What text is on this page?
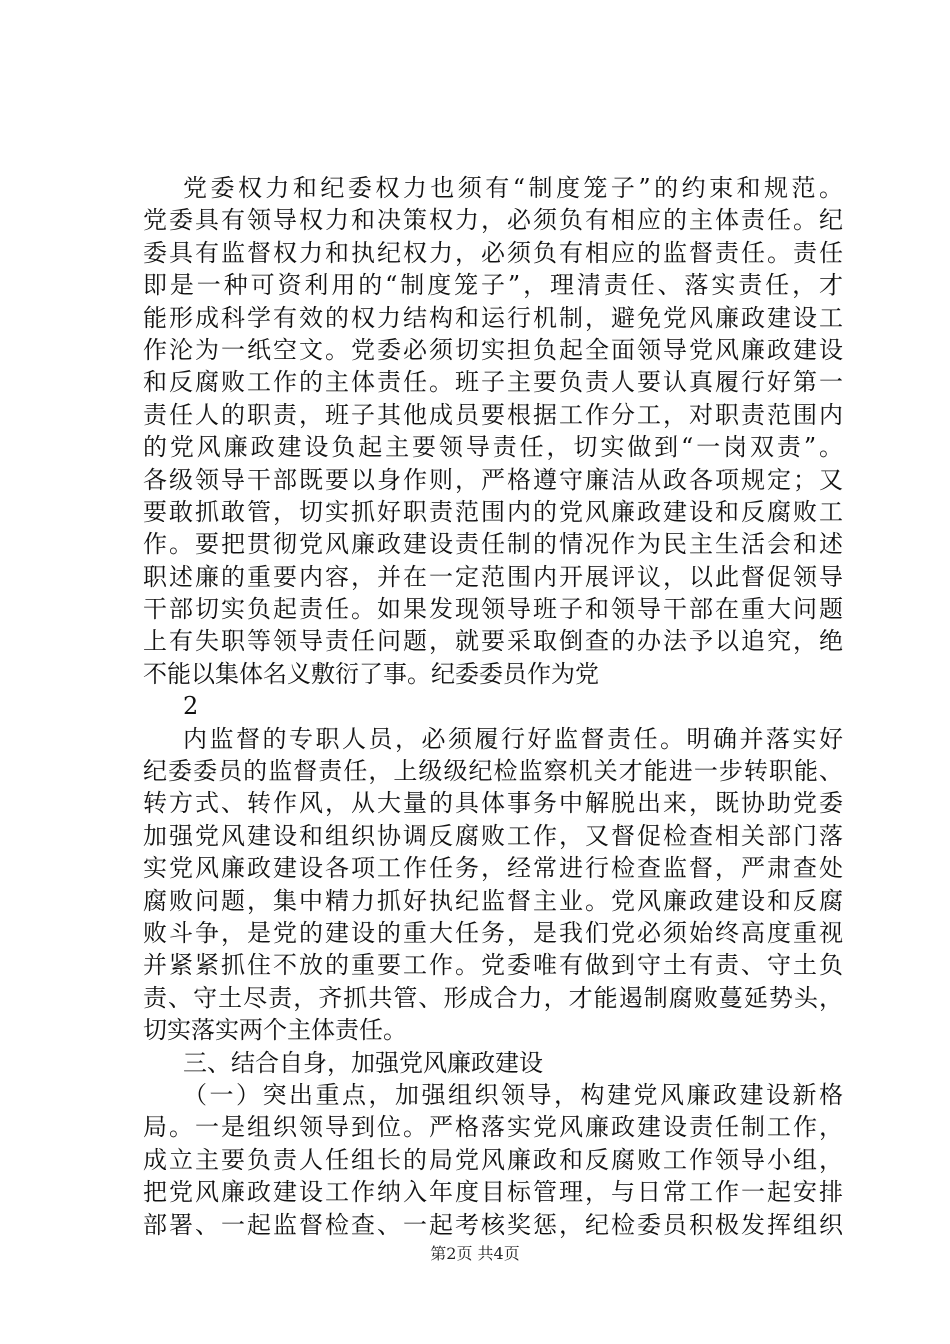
党委权力和纪委权力也须有“制度笼子”的约束和规范。
党委具有领导权力和决策权力，必须负有相应的主体责任。纪
委具有监督权力和执纪权力，必须负有相应的监督责任。责任
即是一种可资利用的“制度笼子”，理清责任、落实责任，才
能形成科学有效的权力结构和运行机制，避免党风廉政建设工
作沦为一纸空文。党委必须切实担负起全面领导党风廉政建设
和反腐败工作的主体责任。班子主要负责人要认真履行好第一
责任人的职责，班子其他成员要根据工作分工，对职责范围内
的党风廉政建设负起主要领导责任，切实做到“一岗双责”。
各级领导干部既要以身作则，严格遵守廉洁从政各项规定；又
要敢抓敢管，切实抓好职责范围内的党风廉政建设和反腐败工
作。要把贯彻党风廉政建设责任制的情况作为民主生活会和述
职述廉的重要内容，并在一定范围内开展评议，以此督促领导
干部切实负起责任。如果发现领导班子和领导干部在重大问题
上有失职等领导责任问题，就要采取倒查的办法予以追究，绝
不能以集体名义敷衍了事。纪委委员作为党
2
内监督的专职人员，必须履行好监督责任。明确并落实好
纪委委员的监督责任，上级级纪检监察机关才能进一步转职能、
转方式、转作风，从大量的具体事务中解脱出来，既协助党委
加强党风建设和组织协调反腐败工作，又督促检查相关部门落
实党风廉政建设各项工作任务，经常进行检查监督，严肃查处
腐败问题，集中精力抓好执纪监督主业。党风廉政建设和反腐
败斗争，是党的建设的重大任务，是我们党必须始终高度重视
并紧紧抓住不放的重要工作。党委唯有做到守土有责、守土负
责、守土尽责，齐抓共管、形成合力，才能遏制腐败蔓延势头，
切实落实两个主体责任。
三、结合自身，加强党风廉政建设
（一）突出重点，加强组织领导，构建党风廉政建设新格
局。一是组织领导到位。严格落实党风廉政建设责任制工作，
成立主要负责人任组长的局党风廉政和反腐败工作领导小组，
把党风廉政建设工作纳入年度目标管理，与日常工作一起安排
部署、一起监督检查、一起考核奖惩，纪检委员积极发挥组织
第2页 共4页
